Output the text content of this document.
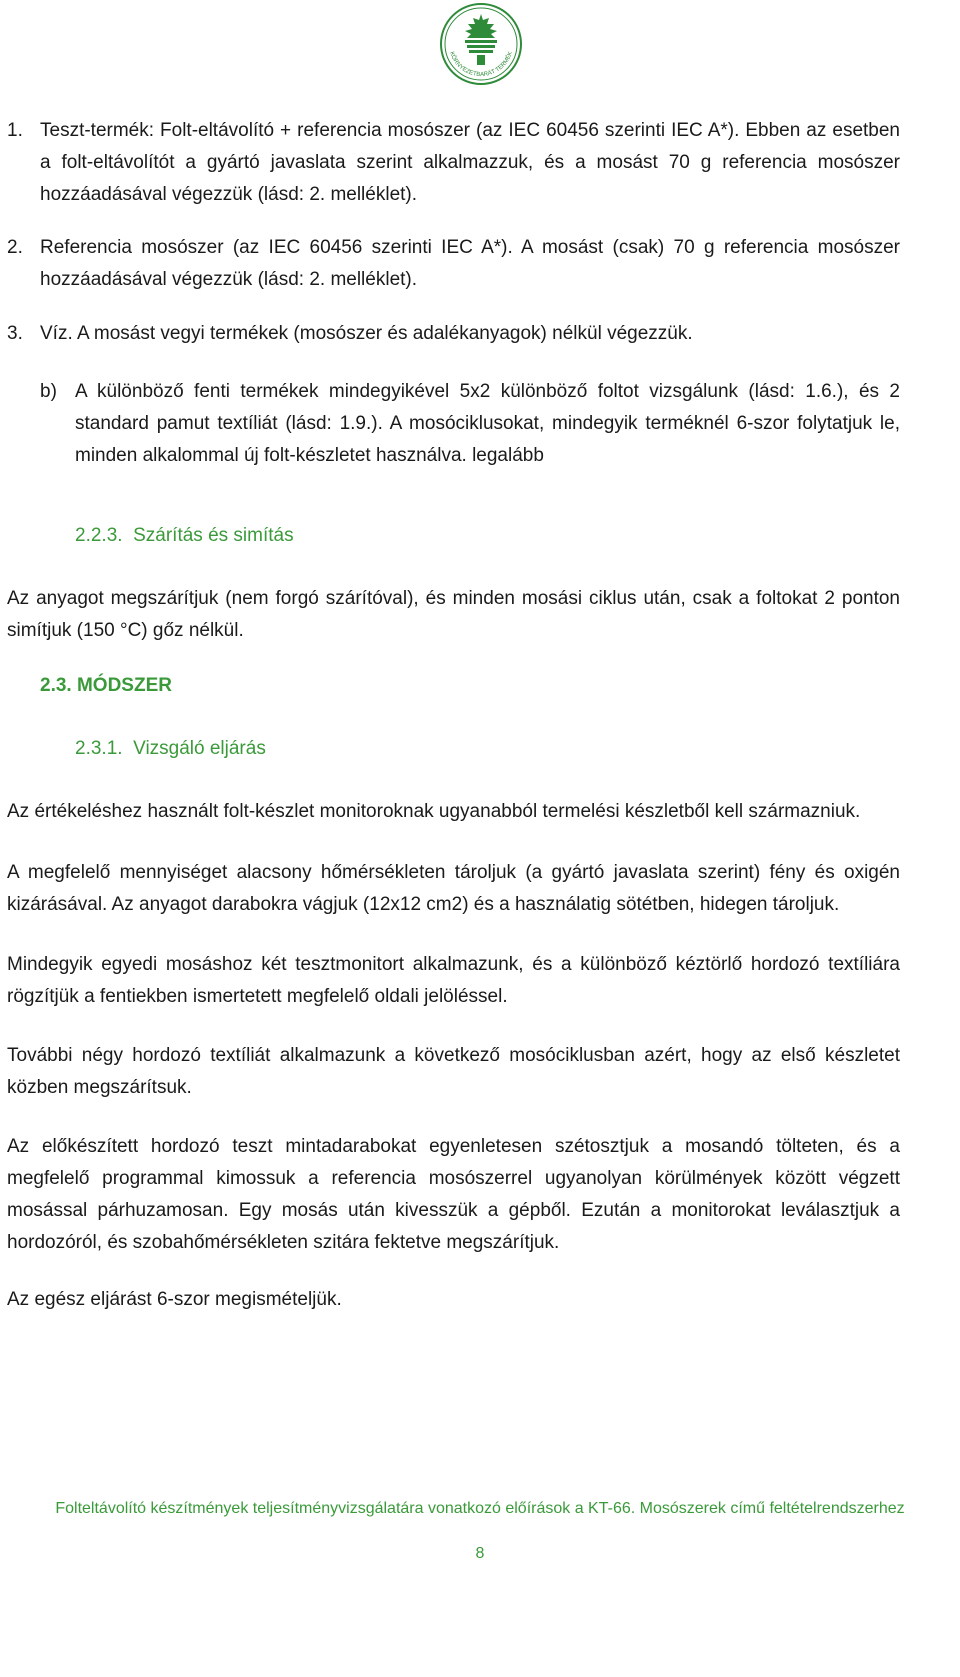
KÖRNYEZETBARÁT TERMÉK
1. Teszt-termék: Folt-eltávolító + referencia mosószer (az IEC 60456 szerinti IEC A*). Ebben az esetben a folt-eltávolítót a gyártó javaslata szerint alkalmazzuk, és a mosást 70 g referencia mosószer hozzáadásával végezzük (lásd: 2. melléklet).
2. Referencia mosószer (az IEC 60456 szerinti IEC A*). A mosást (csak) 70 g referencia mosószer hozzáadásával végezzük (lásd: 2. melléklet).
3. Víz. A mosást vegyi termékek (mosószer és adalékanyagok) nélkül végezzük.
b) A különböző fenti termékek mindegyikével 5x2 különböző foltot vizsgálunk (lásd: 1.6.), és 2 standard pamut textíliát (lásd: 1.9.). A mosóciklusokat, mindegyik terméknél 6-szor folytatjuk le, minden alkalommal új folt-készletet használva. legalább
2.2.3. Szárítás és simítás
Az anyagot megszárítjuk (nem forgó szárítóval), és minden mosási ciklus után, csak a foltokat 2 ponton simítjuk (150 °C) gőz nélkül.
2.3. MÓDSZER
2.3.1. Vizsgáló eljárás
Az értékeléshez használt folt-készlet monitoroknak ugyanabból termelési készletből kell származniuk.
A megfelelő mennyiséget alacsony hőmérsékleten tároljuk (a gyártó javaslata szerint) fény és oxigén kizárásával. Az anyagot darabokra vágjuk (12x12 cm2) és a használatig sötétben, hidegen tároljuk.
Mindegyik egyedi mosáshoz két tesztmonitort alkalmazunk, és a különböző kéztörlő hordozó textíliára rögzítjük a fentiekben ismertetett megfelelő oldali jelöléssel.
További négy hordozó textíliát alkalmazunk a következő mosóciklusban azért, hogy az első készletet közben megszárítsuk.
Az előkészített hordozó teszt mintadarabokat egyenletesen szétosztjuk a mosandó tölteten, és a megfelelő programmal kimossuk a referencia mosószerrel ugyanolyan körülmények között végzett mosással párhuzamosan. Egy mosás után kivesszük a gépből. Ezután a monitorokat leválasztjuk a hordozóról, és szobahőmérsékleten szitára fektetve megszárítjuk.
Az egész eljárást 6-szor megismételjük.
Folteltávolító készítmények teljesítményvizsgálatára vonatkozó előírások a KT-66. Mosószerek című feltételrendszerhez
8
